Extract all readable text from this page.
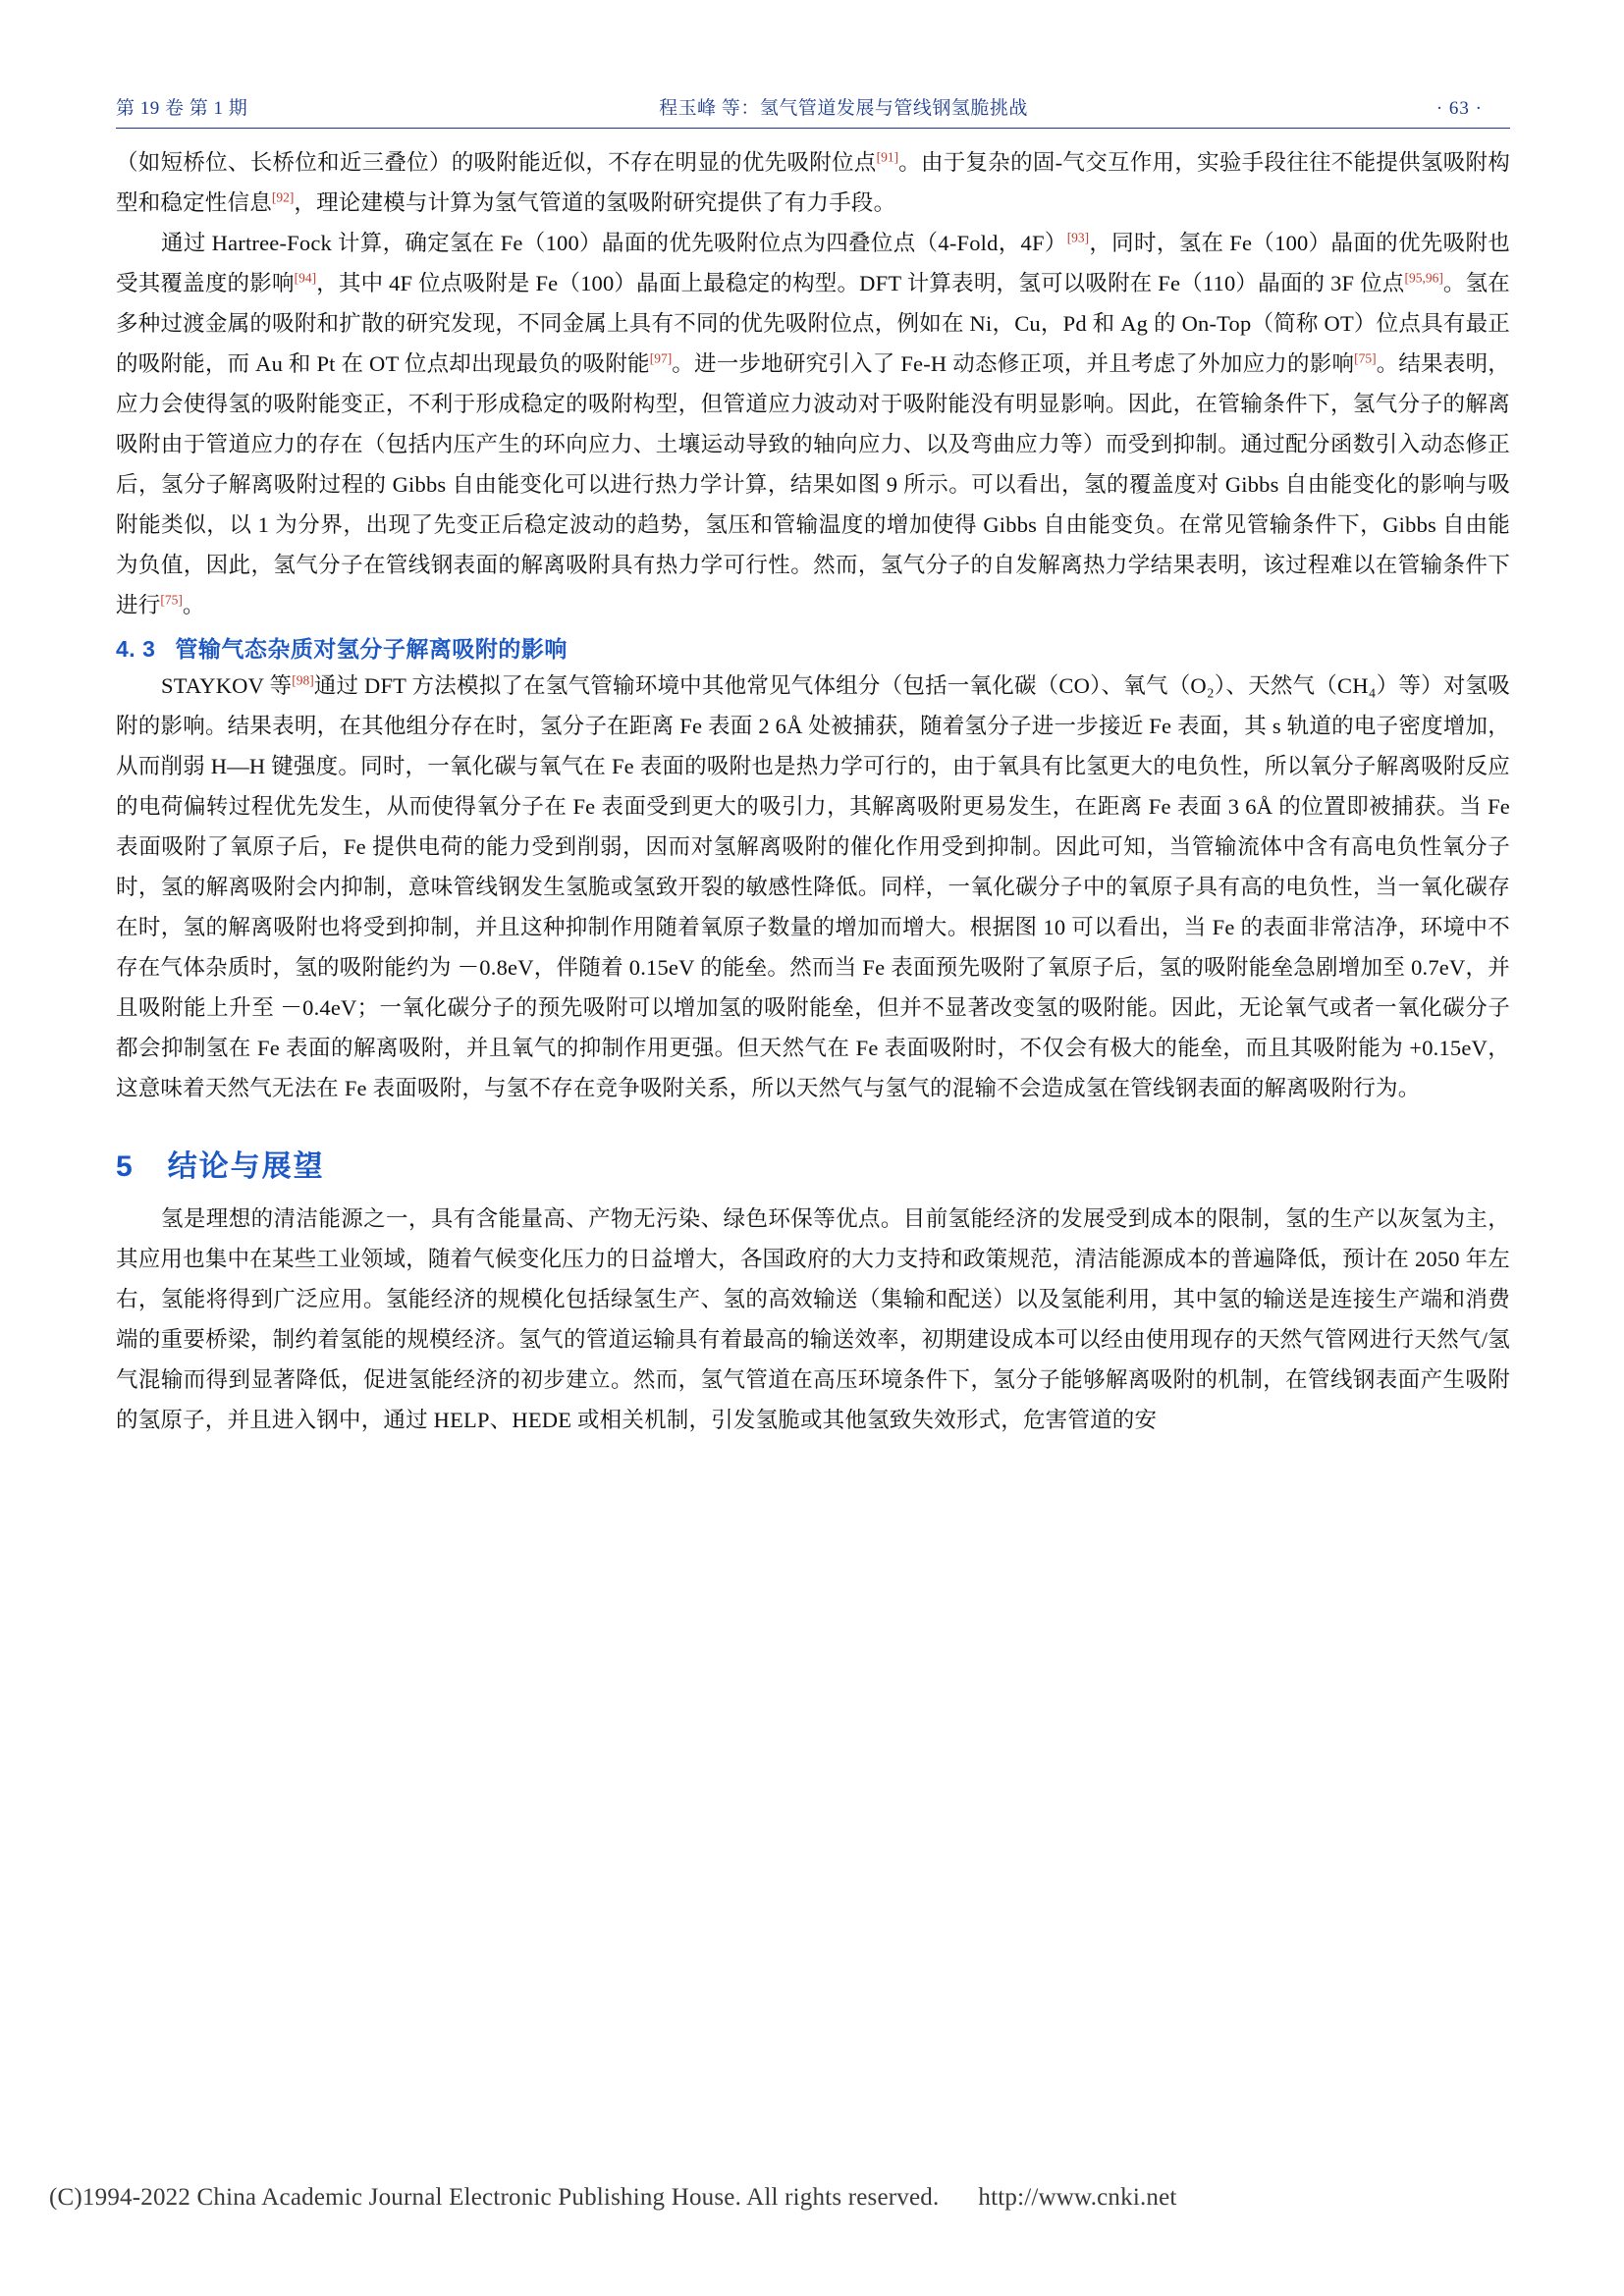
第 19 卷 第 1 期	程玉峰 等：氢气管道发展与管线钢氢脆挑战	· 63 ·

（如短桥位、长桥位和近三叠位）的吸附能近似，不存在明显的优先吸附位点[91]。由于复杂的固-气交互作用，实验手段往往不能提供氢吸附构型和稳定性信息[92]，理论建模与计算为氢气管道的氢吸附研究提供了有力手段。

通过 Hartree-Fock 计算，确定氢在 Fe（100）晶面的优先吸附位点为四叠位点（4-Fold，4F）[93]，同时，氢在 Fe（100）晶面的优先吸附也受其覆盖度的影响[94]，其中 4F 位点吸附是 Fe（100）晶面上最稳定的构型。DFT 计算表明，氢可以吸附在 Fe（110）晶面的 3F 位点[95,96]。氢在多种过渡金属的吸附和扩散的研究发现，不同金属上具有不同的优先吸附位点，例如在 Ni，Cu，Pd 和 Ag 的 On-Top（简称 OT）位点具有最正的吸附能，而 Au 和 Pt 在 OT 位点却出现最负的吸附能[97]。进一步地研究引入了 Fe-H 动态修正项，并且考虑了外加应力的影响[75]。结果表明，应力会使得氢的吸附能变正，不利于形成稳定的吸附构型，但管道应力波动对于吸附能没有明显影响。因此，在管输条件下，氢气分子的解离吸附由于管道应力的存在（包括内压产生的环向应力、土壤运动导致的轴向应力、以及弯曲应力等）而受到抑制。通过配分函数引入动态修正后，氢分子解离吸附过程的 Gibbs 自由能变化可以进行热力学计算，结果如图 9 所示。可以看出，氢的覆盖度对 Gibbs 自由能变化的影响与吸附能类似，以 1 为分界，出现了先变正后稳定波动的趋势，氢压和管输温度的增加使得 Gibbs 自由能变负。在常见管输条件下，Gibbs 自由能为负值，因此，氢气分子在管线钢表面的解离吸附具有热力学可行性。然而，氢气分子的自发解离热力学结果表明，该过程难以在管输条件下进行[75]。

4. 3 管输气态杂质对氢分子解离吸附的影响

STAYKOV 等[98]通过 DFT 方法模拟了在氢气管输环境中其他常见气体组分（包括一氧化碳（CO）、氧气（O₂）、天然气（CH₄）等）对氢吸附的影响。结果表明，在其他组分存在时，氢分子在距离 Fe 表面 2 6Å 处被捕获，随着氢分子进一步接近 Fe 表面，其 s 轨道的电子密度增加，从而削弱 H—H 键强度。同时，一氧化碳与氧气在 Fe 表面的吸附也是热力学可行的，由于氧具有比氢更大的电负性，所以氧分子解离吸附反应的电荷偏转过程优先发生，从而使得氧分子在 Fe 表面受到更大的吸引力，其解离吸附更易发生，在距离 Fe 表面 3 6Å 的位置即被捕获。当 Fe 表面吸附了氧原子后，Fe 提供电荷的能力受到削弱，因而对氢解离吸附的催化作用受到抑制。因此可知，当管输流体中含有高电负性氧分子时，氢的解离吸附会内抑制，意味管线钢发生氢脆或氢致开裂的敏感性降低。同样，一氧化碳分子中的氧原子具有高的电负性，当一氧化碳存在时，氢的解离吸附也将受到抑制，并且这种抑制作用随着氧原子数量的增加而增大。根据图 10 可以看出，当 Fe 的表面非常洁净，环境中不存在气体杂质时，氢的吸附能约为 －0.8eV，伴随着 0.15eV 的能垒。然而当 Fe 表面预先吸附了氧原子后，氢的吸附能垒急剧增加至 0.7eV，并且吸附能上升至 －0.4eV；一氧化碳分子的预先吸附可以增加氢的吸附能垒，但并不显著改变氢的吸附能。因此，无论氧气或者一氧化碳分子都会抑制氢在 Fe 表面的解离吸附，并且氧气的抑制作用更强。但天然气在 Fe 表面吸附时，不仅会有极大的能垒，而且其吸附能为 +0.15eV，这意味着天然气无法在 Fe 表面吸附，与氢不存在竞争吸附关系，所以天然气与氢气的混输不会造成氢在管线钢表面的解离吸附行为。

5 结论与展望

氢是理想的清洁能源之一，具有含能量高、产物无污染、绿色环保等优点。目前氢能经济的发展受到成本的限制，氢的生产以灰氢为主，其应用也集中在某些工业领域，随着气候变化压力的日益增大，各国政府的大力支持和政策规范，清洁能源成本的普遍降低，预计在 2050 年左右，氢能将得到广泛应用。氢能经济的规模化包括绿氢生产、氢的高效输送（集输和配送）以及氢能利用，其中氢的输送是连接生产端和消费端的重要桥梁，制约着氢能的规模经济。氢气的管道运输具有着最高的输送效率，初期建设成本可以经由使用现存的天然气管网进行天然气/氢气混输而得到显著降低，促进氢能经济的初步建立。然而，氢气管道在高压环境条件下，氢分子能够解离吸附的机制，在管线钢表面产生吸附的氢原子，并且进入钢中，通过 HELP、HEDE 或相关机制，引发氢脆或其他氢致失效形式，危害管道的安

(C)1994-2022 China Academic Journal Electronic Publishing House. All rights reserved. http://www.cnki.net
